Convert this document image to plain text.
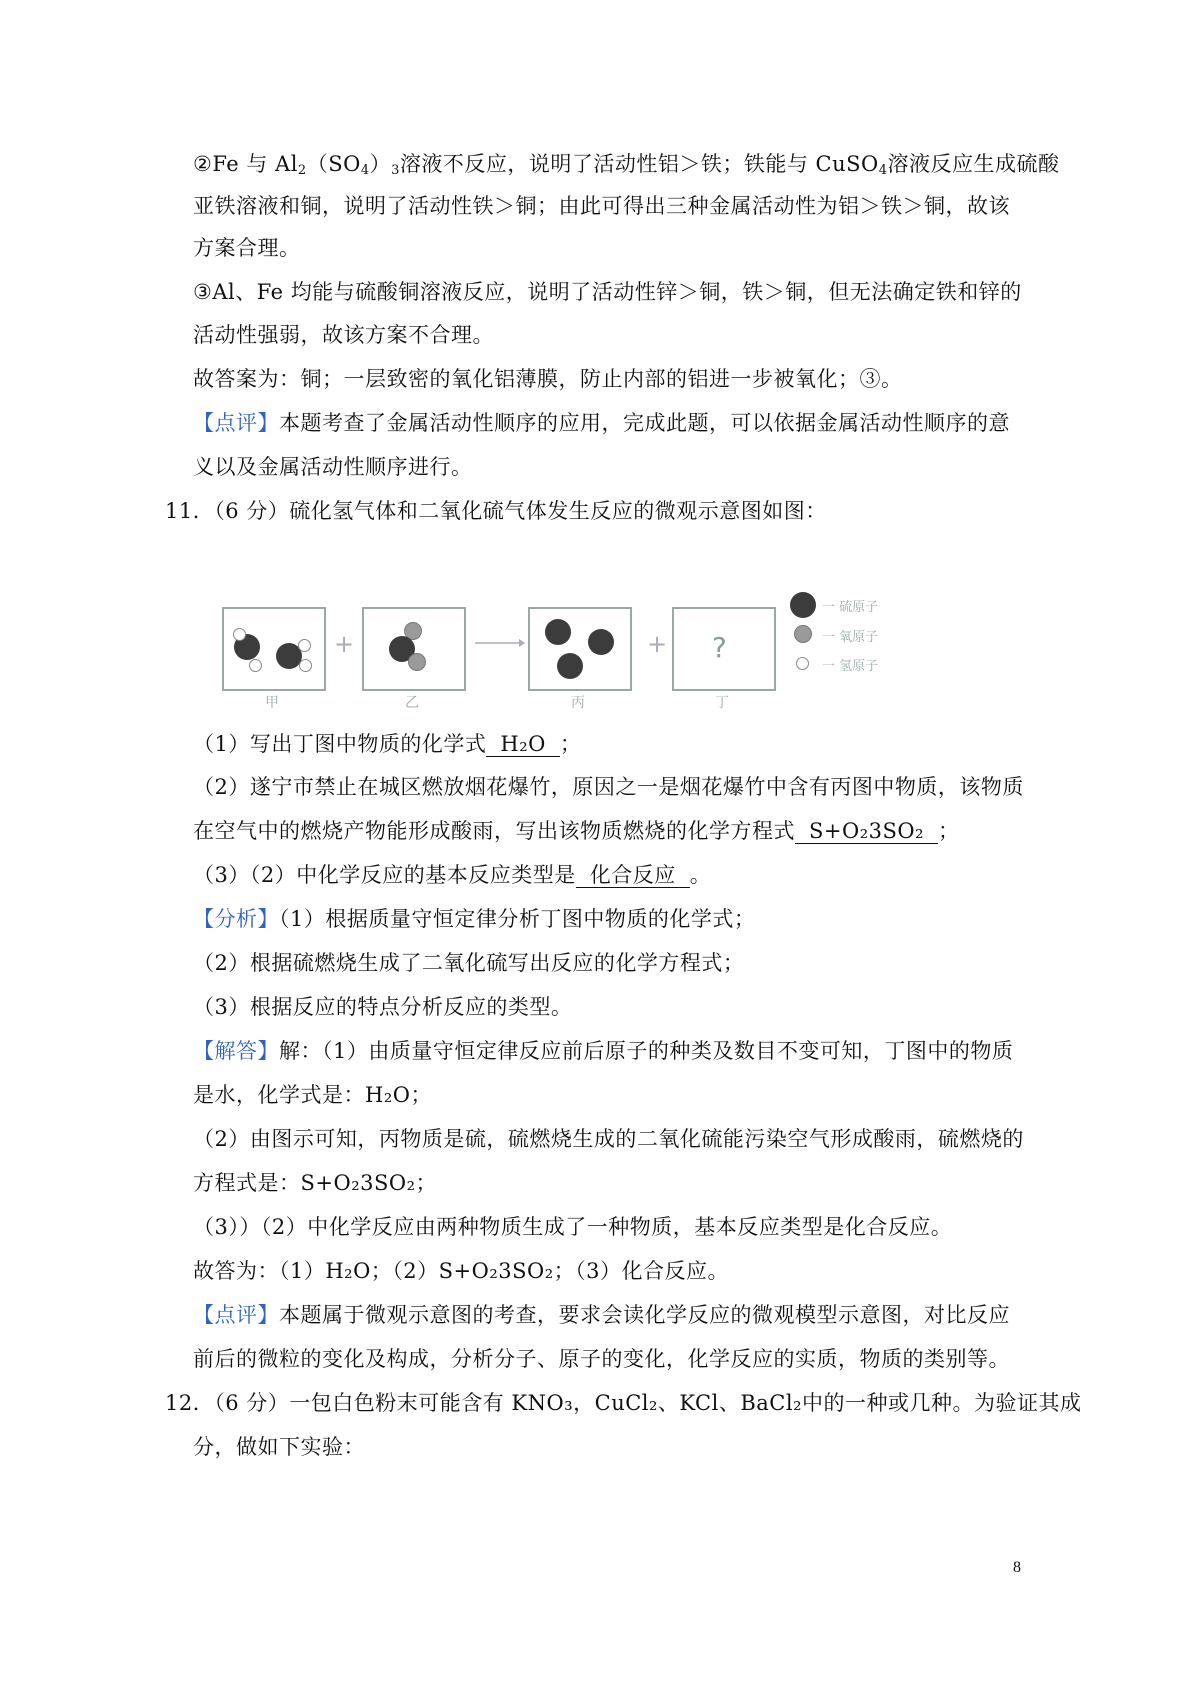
②Fe 与 $Al_2(SO_4)_3$溶液不反应，说明了活动性铝＞铁；铁能与 CuSO$_4$溶液反应生成硫酸
亚铁溶液和铜，说明了活动性铁＞铜；由此可得出三种金属活动性为铝＞铁＞铜，故该
方案合理。
③Al、Fe 均能与硫酸铜溶液反应，说明了活动性锌＞铜，铁＞铜，但无法确定铁和锌的
活动性强弱，故该方案不合理。
故答案为：铜；一层致密的氧化铝薄膜，防止内部的铝进一步被氧化；③。
【点评】本题考查了金属活动性顺序的应用，完成此题，可以依据金属活动性顺序的意
义以及金属活动性顺序进行。
11．（6 分）硫化氢气体和二氧化硫气体发生反应的微观示意图如图：
甲
+
乙	丙
+ ?
丁
一 硫原子
一 氧原子
一 氢原子
（1）写出丁图中物质的化学式 H₂O ；
（2）遂宁市禁止在城区燃放烟花爆竹，原因之一是烟花爆竹中含有丙图中物质，该物质
在空气中的燃烧产物能形成酸雨，写出该物质燃烧的化学方程式 S+O₂3SO₂ ；
（3）（2）中化学反应的基本反应类型是 化合反应 。
【分析】（1）根据质量守恒定律分析丁图中物质的化学式；
（2）根据硫燃烧生成了二氧化硫写出反应的化学方程式；
（3）根据反应的特点分析反应的类型。
【解答】解：（1）由质量守恒定律反应前后原子的种类及数目不变可知，丁图中的物质
是水，化学式是：H₂O；
（2）由图示可知，丙物质是硫，硫燃烧生成的二氧化硫能污染空气形成酸雨，硫燃烧的
方程式是：S+O₂3SO₂；
（3））（2）中化学反应由两种物质生成了一种物质，基本反应类型是化合反应。
故答为：（1）H₂O；（2）S+O₂3SO₂；（3）化合反应。
【点评】本题属于微观示意图的考查，要求会读化学反应的微观模型示意图，对比反应
前后的微粒的变化及构成，分析分子、原子的变化，化学反应的实质，物质的类别等。
12．（6 分）一包白色粉末可能含有 KNO₃，CuCl₂、KCl、BaCl₂中的一种或几种。为验证其成
分，做如下实验：
8
